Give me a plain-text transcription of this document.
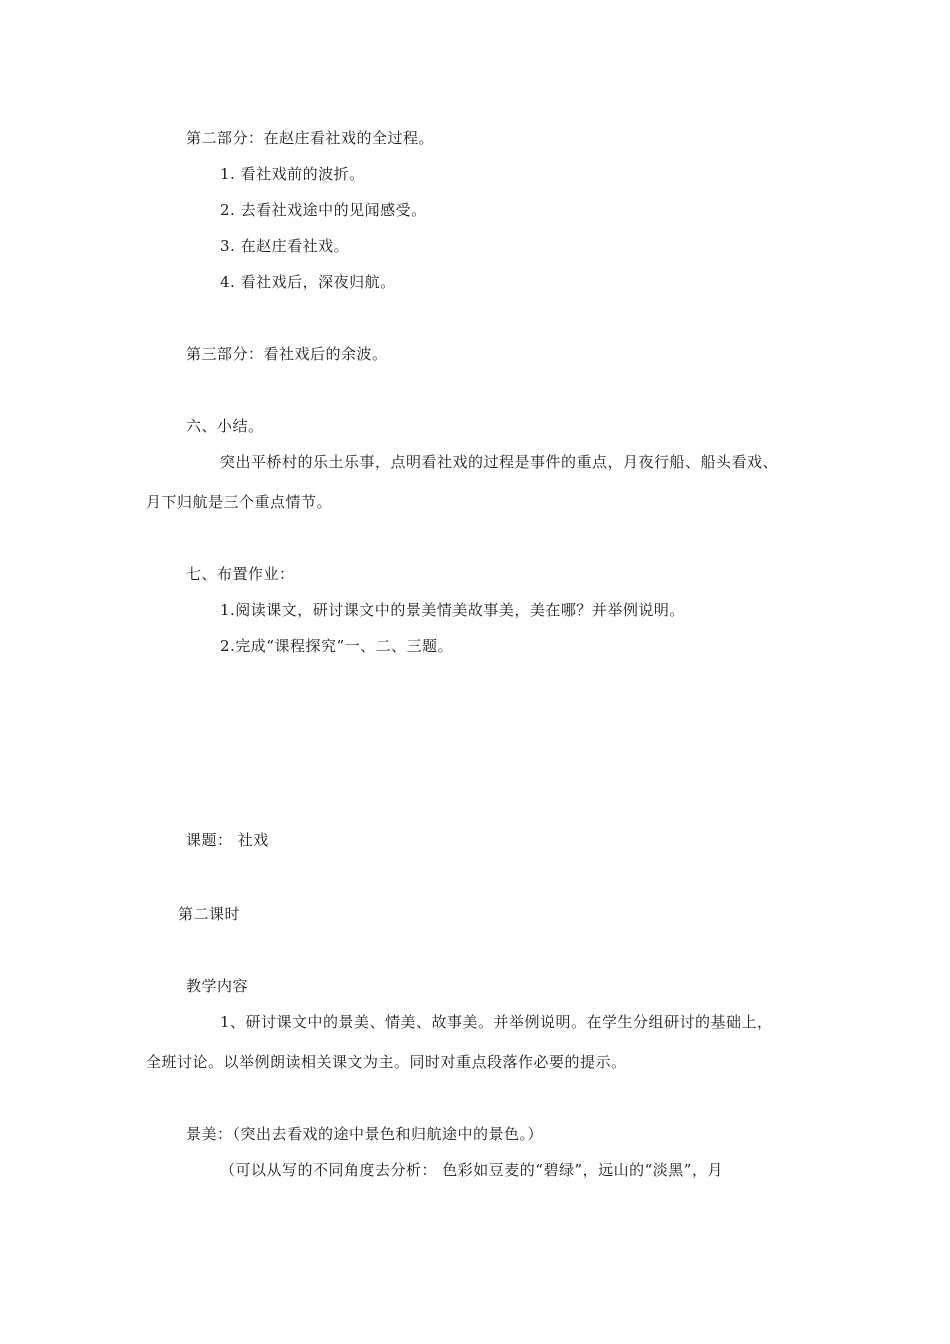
第二部分：在赵庄看社戏的全过程。
1. 看社戏前的波折。
2. 去看社戏途中的见闻感受。
3. 在赵庄看社戏。
4. 看社戏后，深夜归航。
第三部分：看社戏后的余波。
六、小结。
突出平桥村的乐土乐事，点明看社戏的过程是事件的重点，月夜行船、船头看戏、
月下归航是三个重点情节。
七、布置作业：
1.阅读课文，研讨课文中的景美情美故事美，美在哪？并举例说明。
2.完成“课程探究”一、二、三题。
课题： 社戏
第二课时
教学内容
1、研讨课文中的景美、情美、故事美。并举例说明。在学生分组研讨的基础上，
全班讨论。以举例朗读相关课文为主。同时对重点段落作必要的提示。
景美：（突出去看戏的途中景色和归航途中的景色。）
（可以从写的不同角度去分析： 色彩如豆麦的“碧绿”，远山的“淡黑”，月
